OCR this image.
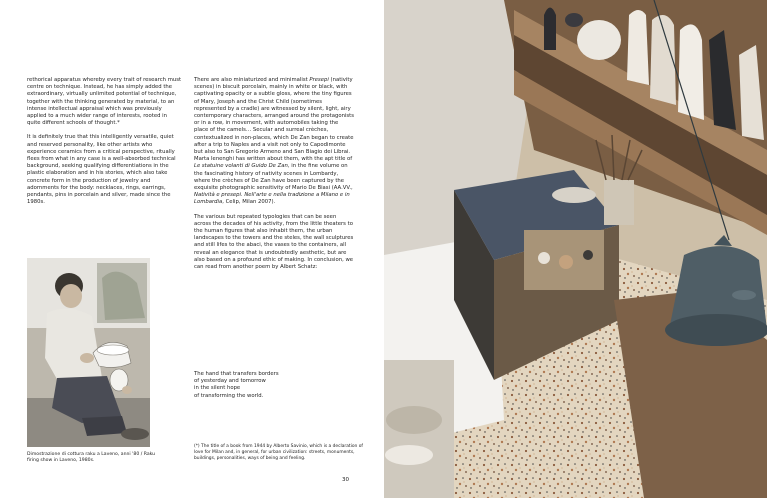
rethorical apparatus whereby every trait of research must centre on technique. Instead, he has simply added the extraordinary, virtually unlimited potential of technique, together with the thinking generated by material, to an intense intellectual appraisal which was previously applied to a much wider range of interests, rooted in quite different schools of thought.*

It is definitely true that this intelligently versatile, quiet and reserved personality, like other artists who experience ceramics from a critical perspective, ritually flees from what in any case is a well-absorbed technical background, seeking qualifying differentiations in the plastic elaboration and in his stories, which also take concrete form in the production of jewelry and adornments for the body: necklaces, rings, earrings, pendants, pins in porcelain and silver, made since the 1980s.

Dimostrazione di cottura raku a Laveno, anni '80 / Raku firing show in Laveno, 1980s.

There are also miniaturized and minimalist Presepi (nativity scenes) in biscuit porcelain, mainly in white or black, with captivating opacity or a subtle gloss, where the tiny figures of Mary, Joseph and the Christ Child (sometimes represented by a cradle) are witnessed by silent, light, airy contemporary characters, arranged around the protagonists or in a row, in movement, with automobiles taking the place of the camels… Secular and surreal crèches, contextualized in non-places, which De Zan began to create after a trip to Naples and a visit not only to Capodimonte but also to San Gregorio Armeno and San Biagio dei Librai. Marta Ienenghi has written about them, with the apt title of Le statuine volanti di Guido De Zan, in the fine volume on the fascinating history of nativity scenes in Lombardy, where the crèches of De Zan have been captured by the exquisite photographic sensitivity of Mario De Biasi (AA.VV., Natività e presepi. Nell'arte e nella tradizione a Milano e in Lombardia, Celip, Milan 2007).

The various but repeated typologies that can be seen across the decades of his activity, from the little theaters to the human figures that also inhabit them, the urban landscapes to the towers and the steles, the wall sculptures and still lifes to the abaci, the vases to the containers, all reveal an elegance that is undoubtedly aesthetic, but are also based on a profound ethic of making. In conclusion, we can read from another poem by Albert Schatz:

The hand that transfers borders
of yesterday and tomorrow
in the silent hope
of transforming the world.
(*) The title of a book from 1944 by Alberto Savinio, which is a declaration of love for Milan and, in general, for urban civilization: streets, monuments, buildings, personalities, ways of being and feeling.
30
